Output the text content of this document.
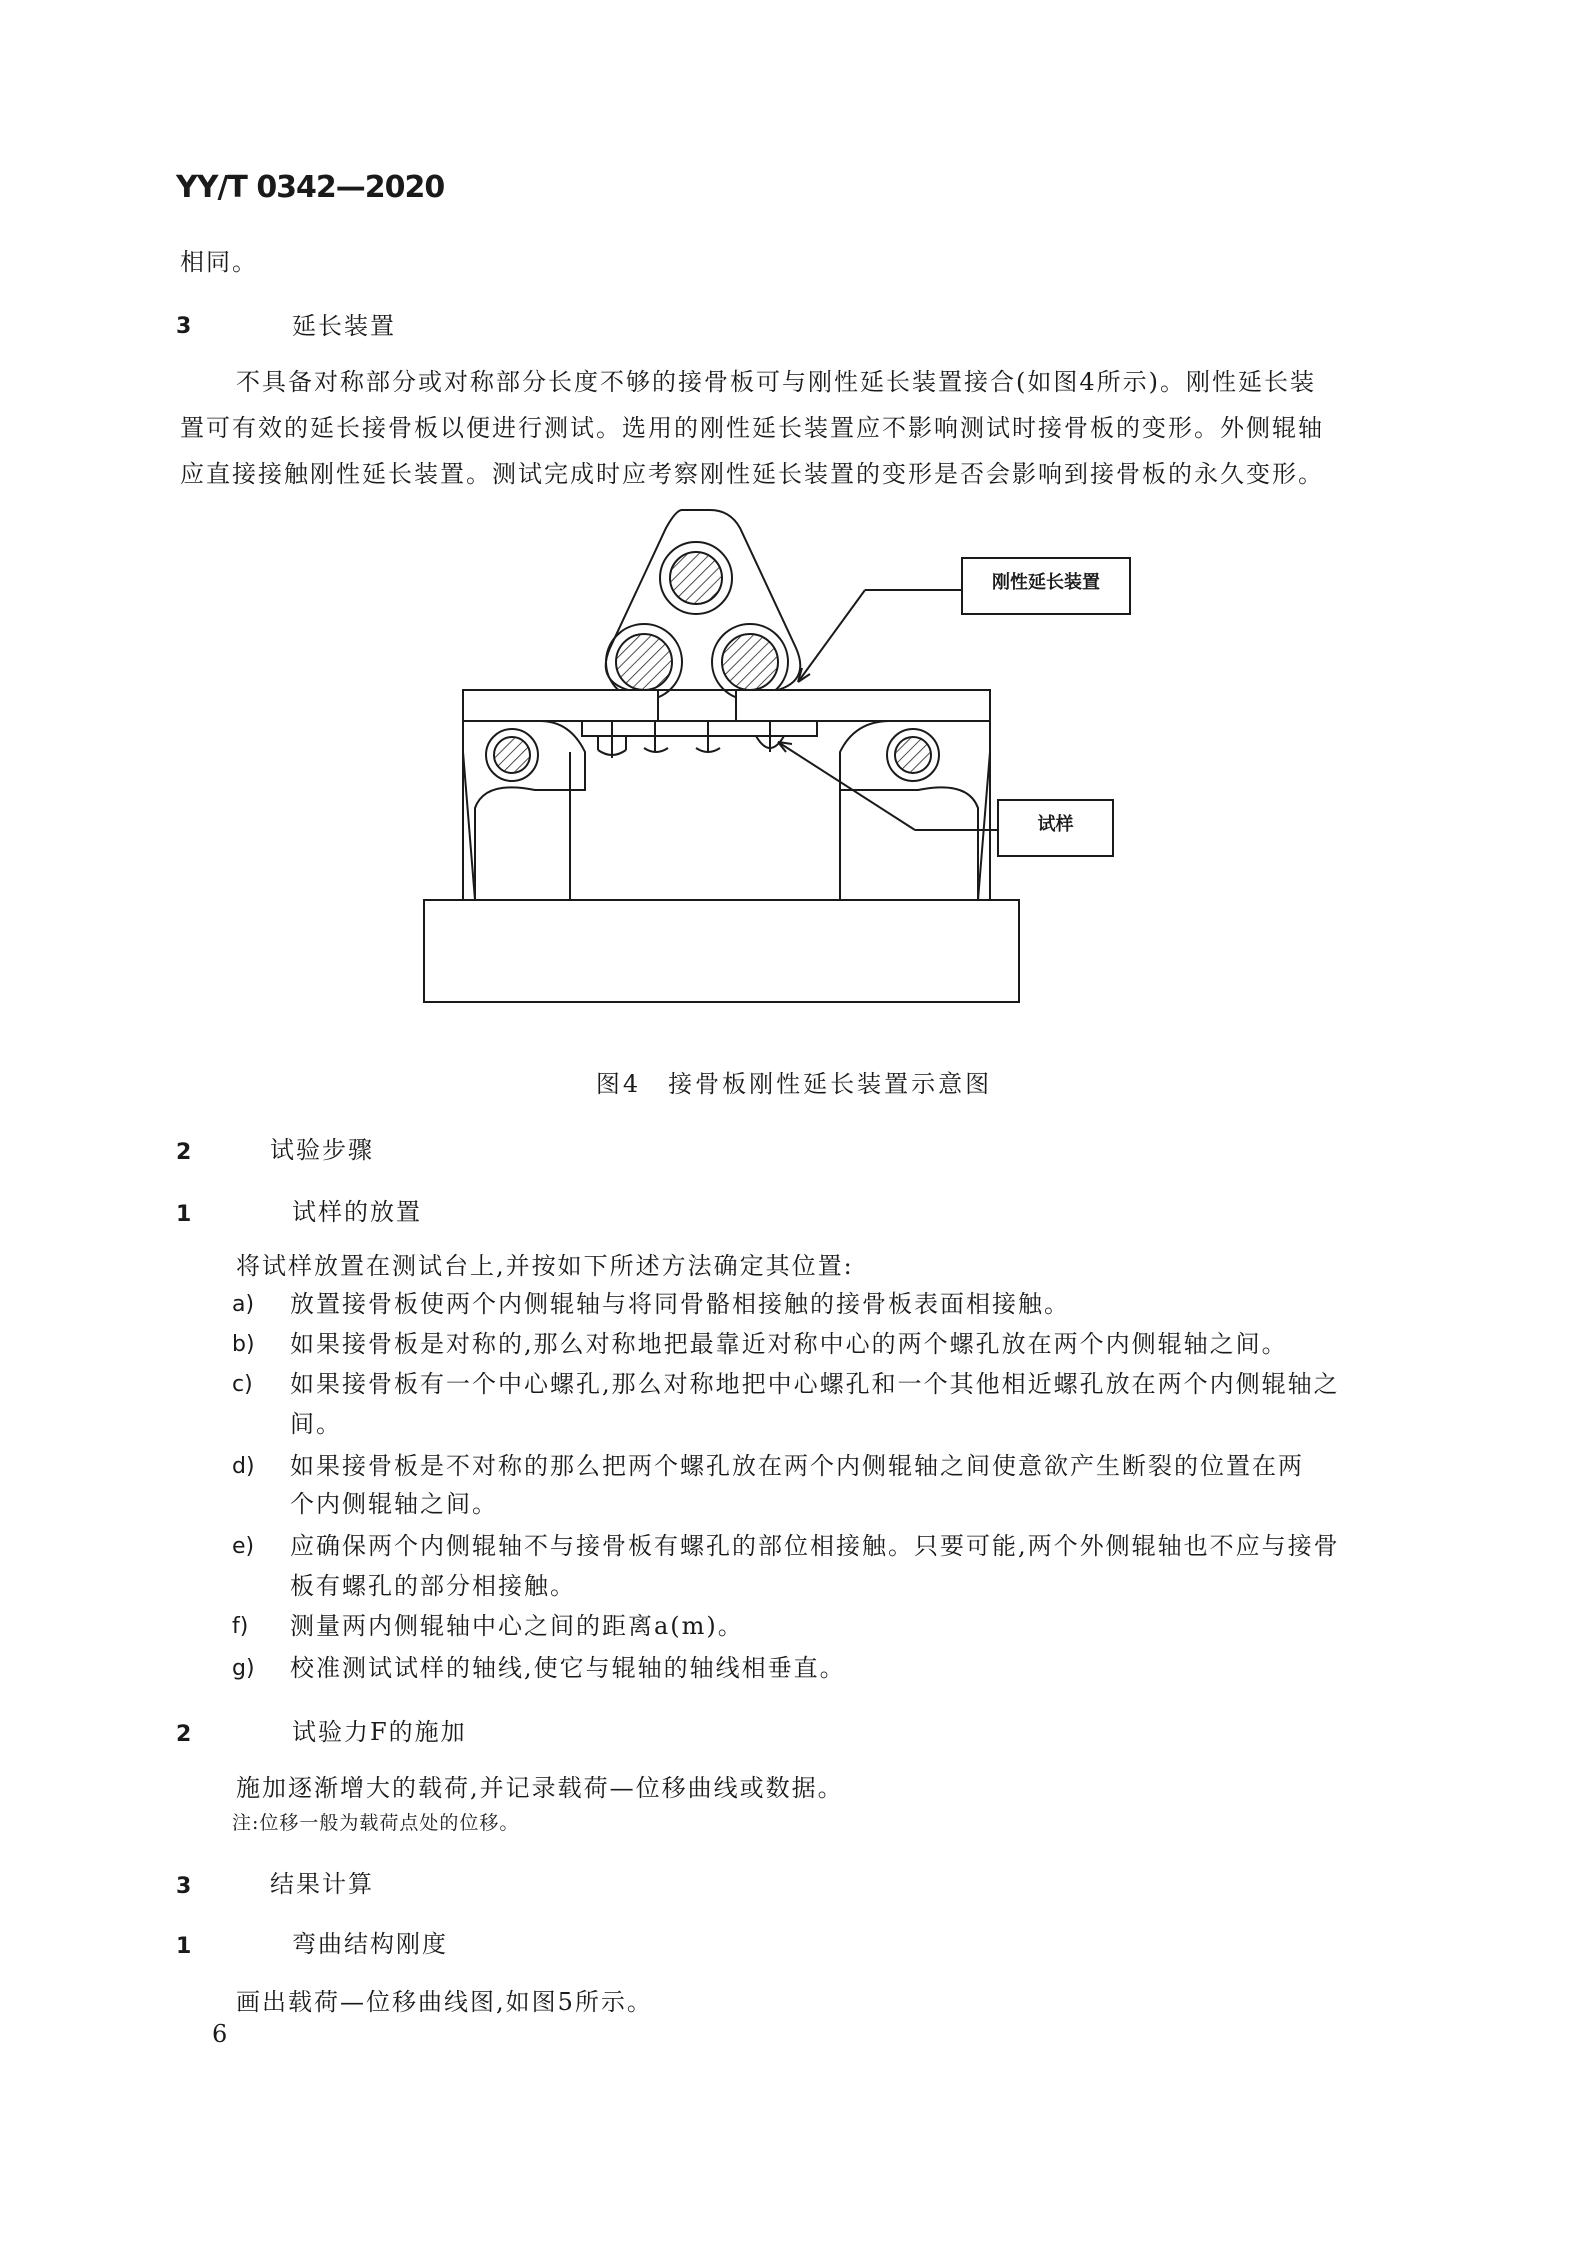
YY/T 0342—2020
相同。
3	延长装置
不具备对称部分或对称部分长度不够的接骨板可与刚性延长装置接合(如图4所示)。刚性延长装
置可有效的延长接骨板以便进行测试。选用的刚性延长装置应不影响测试时接骨板的变形。外侧辊轴
应直接接触刚性延长装置。测试完成时应考察刚性延长装置的变形是否会影响到接骨板的永久变形。
刚性延长装置
试样
图4　接骨板刚性延长装置示意图
2	试验步骤
1	试样的放置
将试样放置在测试台上,并按如下所述方法确定其位置:
a) 放置接骨板使两个内侧辊轴与将同骨骼相接触的接骨板表面相接触。
b) 如果接骨板是对称的,那么对称地把最靠近对称中心的两个螺孔放在两个内侧辊轴之间。
c) 如果接骨板有一个中心螺孔,那么对称地把中心螺孔和一个其他相近螺孔放在两个内侧辊轴之
间。
d) 如果接骨板是不对称的那么把两个螺孔放在两个内侧辊轴之间使意欲产生断裂的位置在两
个内侧辊轴之间。
e) 应确保两个内侧辊轴不与接骨板有螺孔的部位相接触。只要可能,两个外侧辊轴也不应与接骨
板有螺孔的部分相接触。
f) 测量两内侧辊轴中心之间的距离a(m)。
g) 校准测试试样的轴线,使它与辊轴的轴线相垂直。
2	试验力F的施加
施加逐渐增大的载荷,并记录载荷—位移曲线或数据。
注:位移一般为载荷点处的位移。
3	结果计算
1	弯曲结构刚度
画出载荷—位移曲线图,如图5所示。
6
